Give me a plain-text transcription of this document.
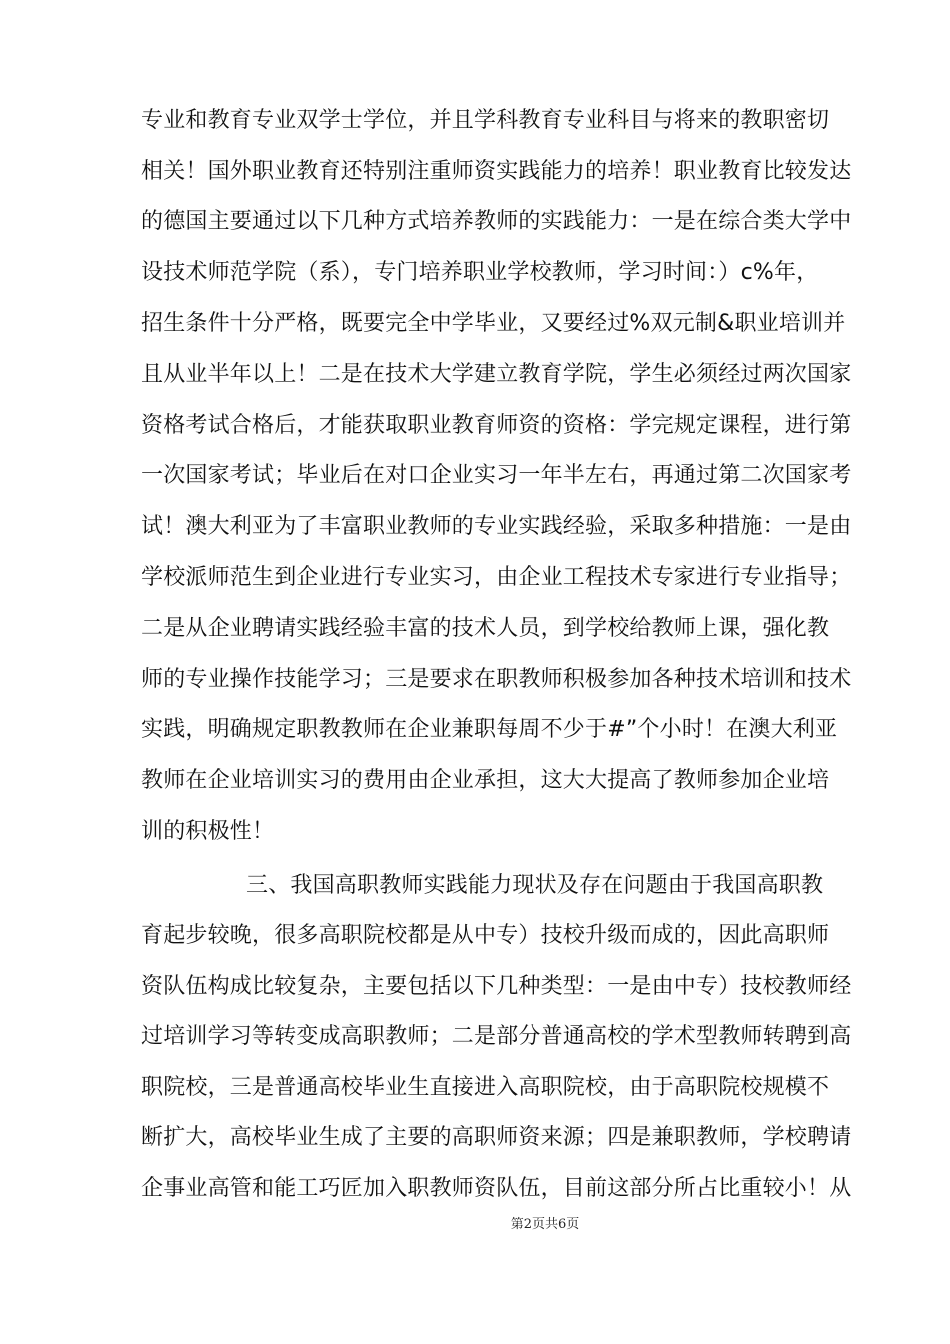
专业和教育专业双学士学位，并且学科教育专业科目与将来的教职密切
相关！国外职业教育还特别注重师资实践能力的培养！职业教育比较发达
的德国主要通过以下几种方式培养教师的实践能力：一是在综合类大学中
设技术师范学院（系），专门培养职业学校教师，学习时间：）c%年，
招生条件十分严格，既要完全中学毕业，又要经过%双元制&职业培训并
且从业半年以上！二是在技术大学建立教育学院，学生必须经过两次国家
资格考试合格后，才能获取职业教育师资的资格：学完规定课程，进行第
一次国家考试；毕业后在对口企业实习一年半左右，再通过第二次国家考
试！澳大利亚为了丰富职业教师的专业实践经验，采取多种措施：一是由
学校派师范生到企业进行专业实习，由企业工程技术专家进行专业指导；
二是从企业聘请实践经验丰富的技术人员，到学校给教师上课，强化教
师的专业操作技能学习；三是要求在职教师积极参加各种技术培训和技术
实践，明确规定职教教师在企业兼职每周不少于#”个小时！在澳大利亚
教师在企业培训实习的费用由企业承担，这大大提高了教师参加企业培
训的积极性！
三、我国高职教师实践能力现状及存在问题由于我国高职教
育起步较晚，很多高职院校都是从中专）技校升级而成的，因此高职师
资队伍构成比较复杂，主要包括以下几种类型：一是由中专）技校教师经
过培训学习等转变成高职教师；二是部分普通高校的学术型教师转聘到高
职院校，三是普通高校毕业生直接进入高职院校，由于高职院校规模不
断扩大，高校毕业生成了主要的高职师资来源；四是兼职教师，学校聘请
企事业高管和能工巧匠加入职教师资队伍，目前这部分所占比重较小！从
第2页共6页
